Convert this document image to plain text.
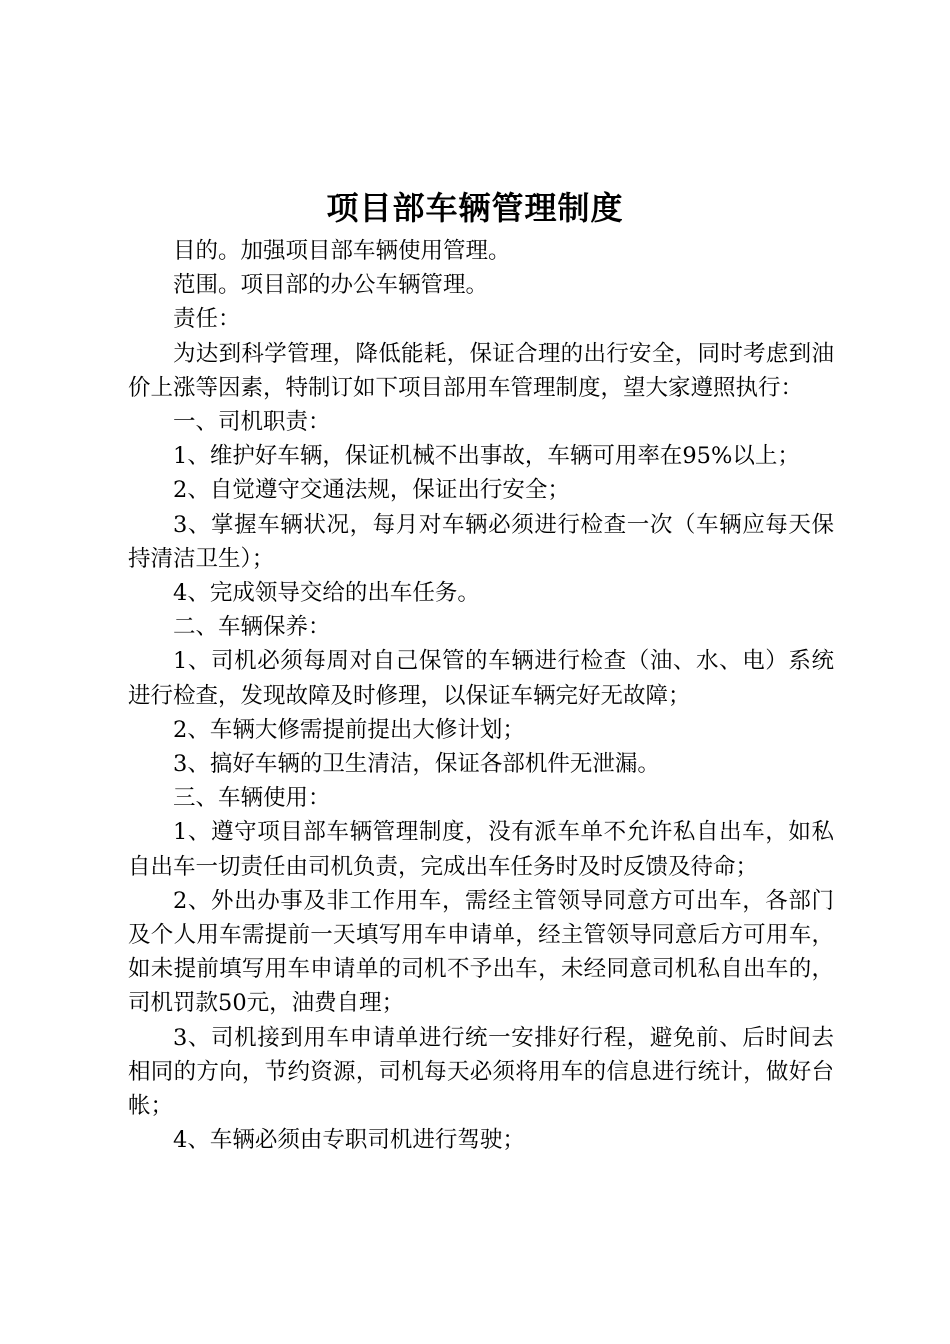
项目部车辆管理制度

目的。加强项目部车辆使用管理。

范围。项目部的办公车辆管理。

责任：

为达到科学管理，降低能耗，保证合理的出行安全，同时考虑到油价上涨等因素，特制订如下项目部用车管理制度，望大家遵照执行：

一、司机职责：

1、维护好车辆，保证机械不出事故，车辆可用率在95%以上；

2、自觉遵守交通法规，保证出行安全；

3、掌握车辆状况，每月对车辆必须进行检查一次（车辆应每天保持清洁卫生）；

4、完成领导交给的出车任务。

二、车辆保养：

1、司机必须每周对自己保管的车辆进行检查（油、水、电）系统进行检查，发现故障及时修理，以保证车辆完好无故障；

2、车辆大修需提前提出大修计划；

3、搞好车辆的卫生清洁，保证各部机件无泄漏。

三、车辆使用：

1、遵守项目部车辆管理制度，没有派车单不允许私自出车，如私自出车一切责任由司机负责，完成出车任务时及时反馈及待命；

2、外出办事及非工作用车，需经主管领导同意方可出车，各部门及个人用车需提前一天填写用车申请单，经主管领导同意后方可用车，如未提前填写用车申请单的司机不予出车，未经同意司机私自出车的，司机罚款50元，油费自理；

3、司机接到用车申请单进行统一安排好行程，避免前、后时间去相同的方向，节约资源，司机每天必须将用车的信息进行统计，做好台帐；

4、车辆必须由专职司机进行驾驶；
